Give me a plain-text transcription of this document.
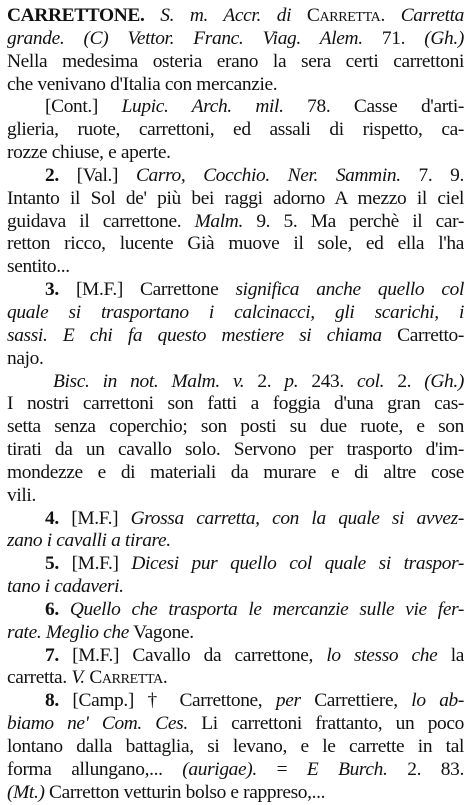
CARRETTONE. S. m. Accr. di Carretta. Carretta
grande. (C) Vettor. Franc. Viag. Alem. 71. (Gh.)
Nella medesima osteria erano la sera certi carrettoni
che venivano d'Italia con mercanzie.
[Cont.] Lupic. Arch. mil. 78. Casse d'arti-
glieria, ruote, carrettoni, ed assali di rispetto, ca-
rozze chiuse, e aperte.
2. [Val.] Carro, Cocchio. Ner. Sammin. 7. 9.
Intanto il Sol de' più bei raggi adorno A mezzo il ciel
guidava il carrettone. Malm. 9. 5. Ma perchè il car-
retton ricco, lucente Già muove il sole, ed ella l'ha
sentito...
3. [M.F.] Carrettone significa anche quello col
quale si trasportano i calcinacci, gli scarichi, i
sassi. E chi fa questo mestiere si chiama Carretto-
najo.
Bisc. in not. Malm. v. 2. p. 243. col. 2. (Gh.)
I nostri carrettoni son fatti a foggia d'una gran cas-
setta senza coperchio; son posti su due ruote, e son
tirati da un cavallo solo. Servono per trasporto d'im-
mondezze e di materiali da murare e di altre cose
vili.
4. [M.F.] Grossa carretta, con la quale si avvez-
zano i cavalli a tirare.
5. [M.F.] Dicesi pur quello col quale si traspor-
tano i cadaveri.
6. Quello che trasporta le mercanzie sulle vie fer-
rate. Meglio che Vagone.
7. [M.F.] Cavallo da carrettone, lo stesso che la
carretta. V. Carretta.
8. [Camp.] † Carrettone, per Carrettiere, lo ab-
biamo ne' Com. Ces. Li carrettoni frattanto, un poco
lontano dalla battaglia, si levano, e le carrette in tal
forma allungano,... (aurigae). = E Burch. 2. 83.
(Mt.) Carretton vetturin bolso e rappreso,...
